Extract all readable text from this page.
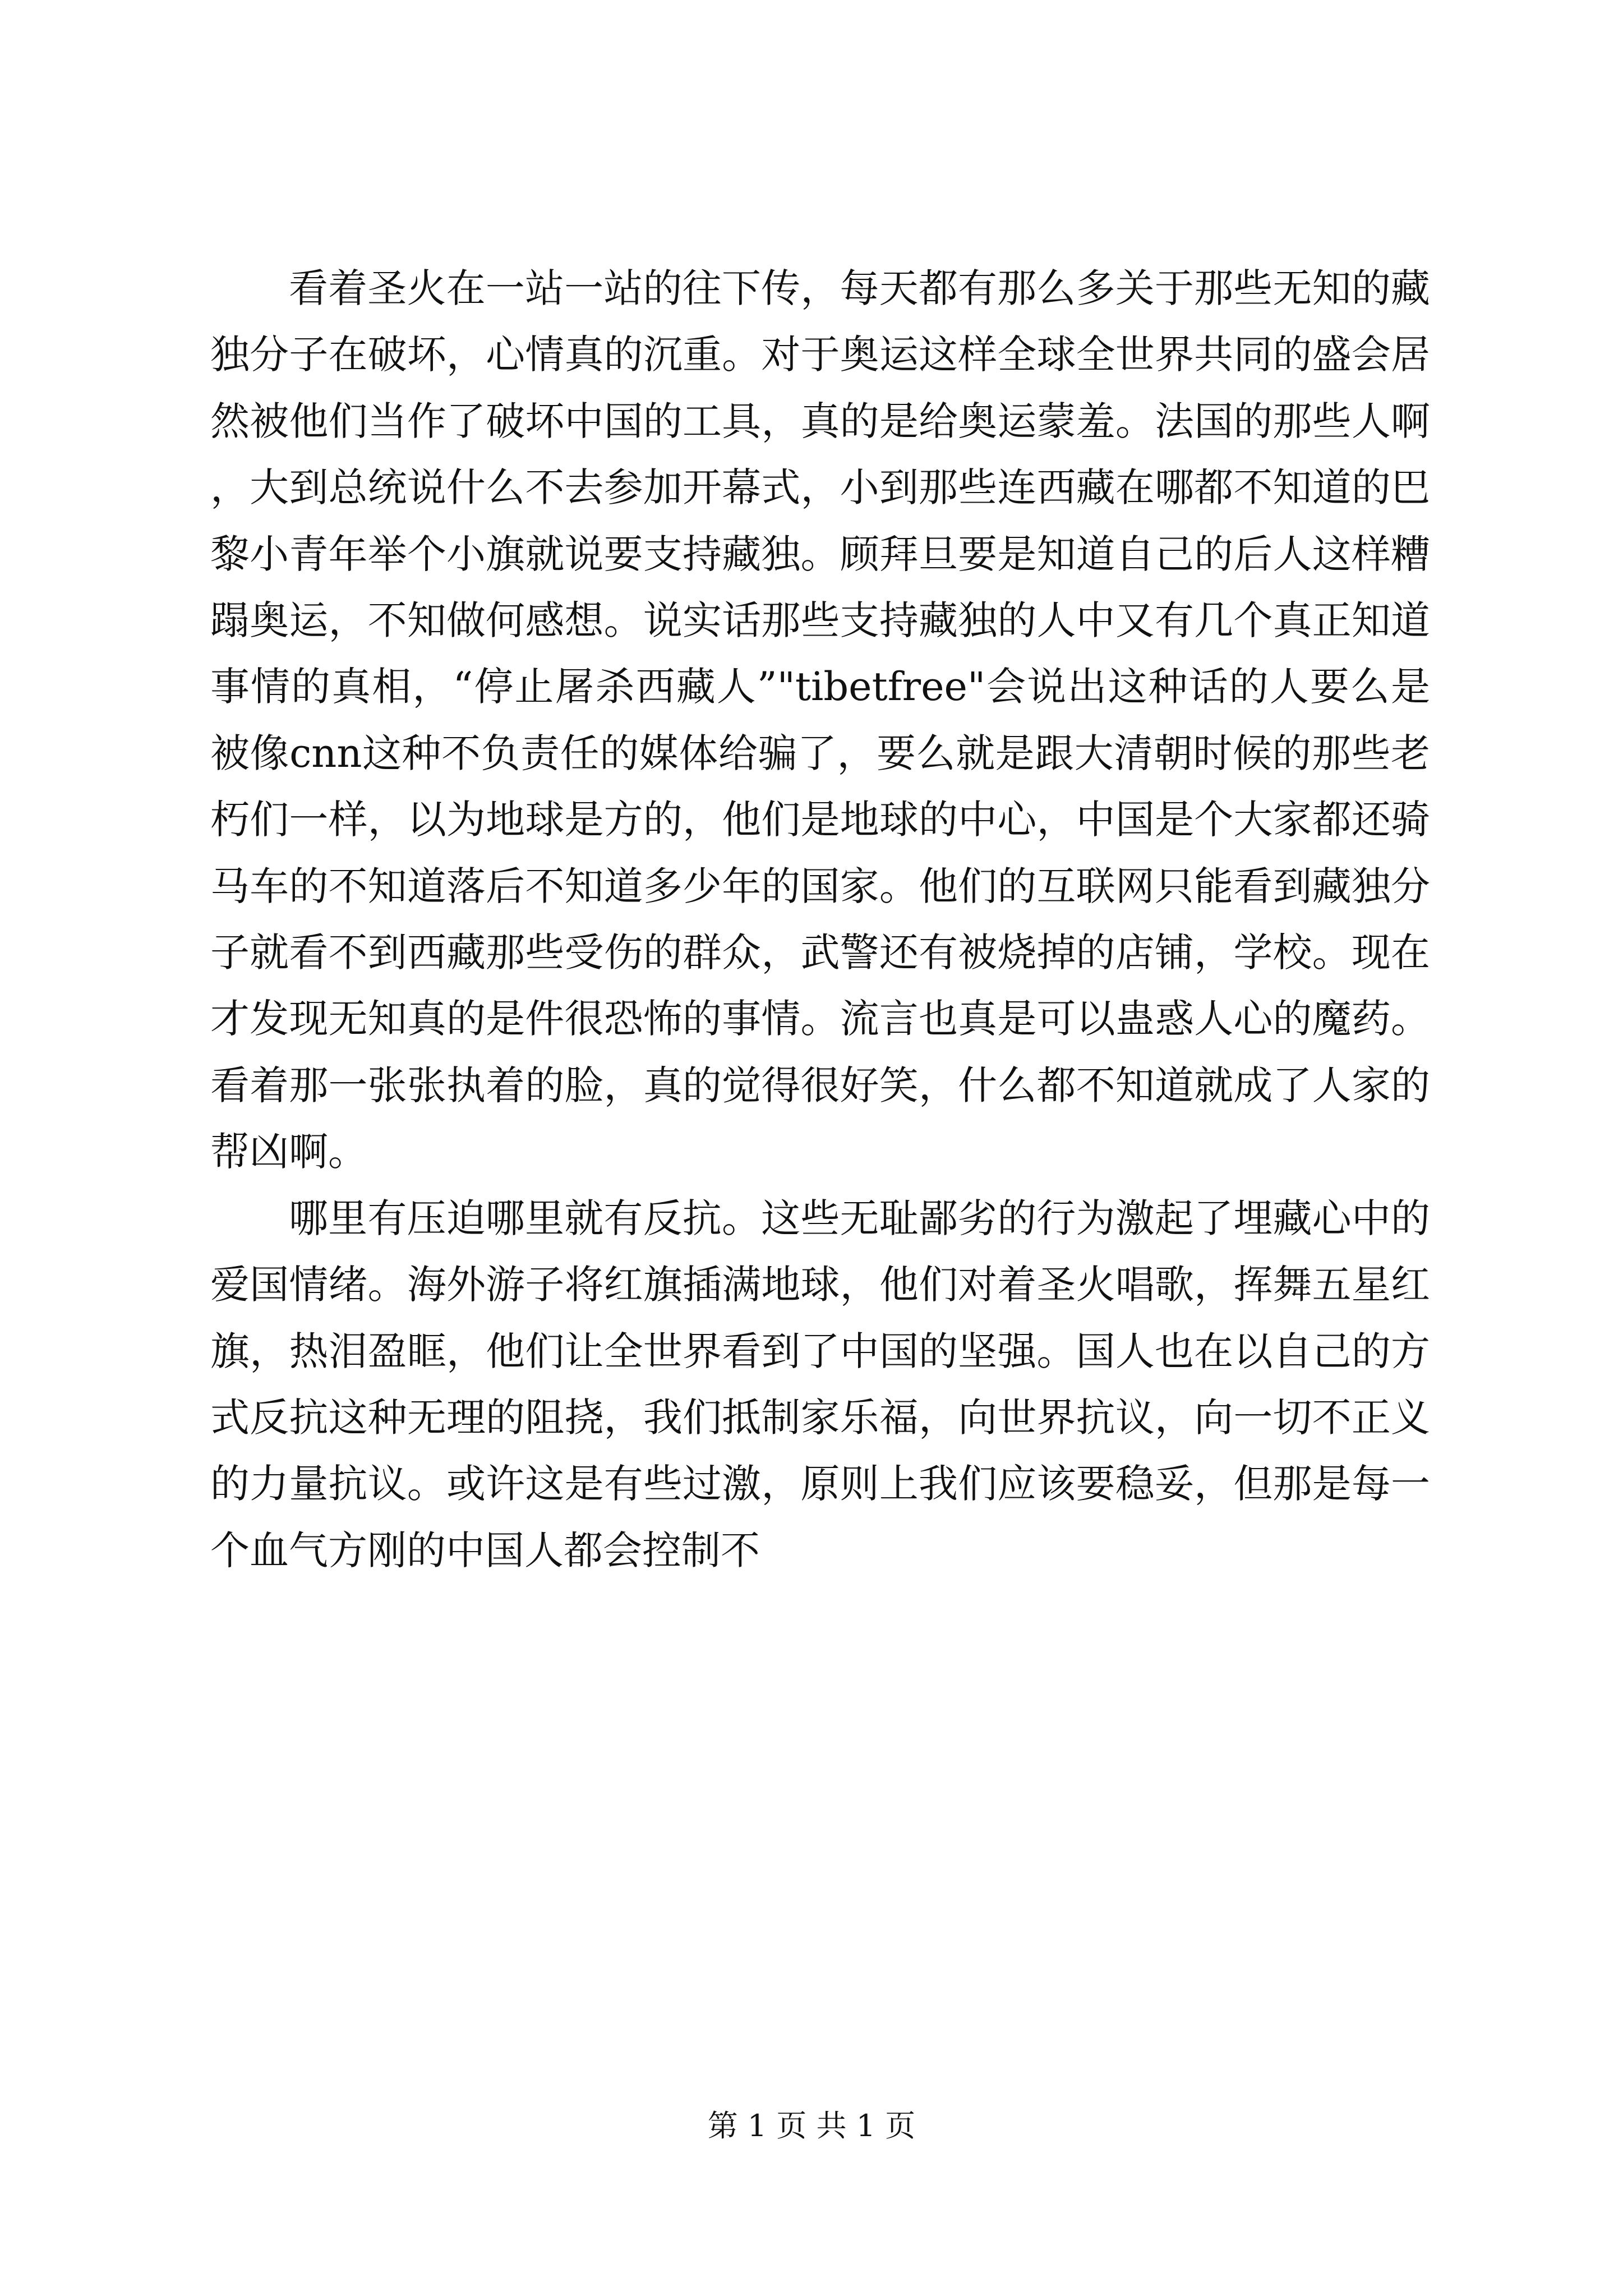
看着圣火在一站一站的往下传，每天都有那么多关于那些无知的藏独分子在破坏，心情真的沉重。对于奥运这样全球全世界共同的盛会居然被他们当作了破坏中国的工具，真的是给奥运蒙羞。法国的那些人啊，大到总统说什么不去参加开幕式，小到那些连西藏在哪都不知道的巴黎小青年举个小旗就说要支持藏独。顾拜旦要是知道自己的后人这样糟蹋奥运，不知做何感想。说实话那些支持藏独的人中又有几个真正知道事情的真相，“停止屠杀西藏人”"tibetfree"会说出这种话的人要么是被像cnn这种不负责任的媒体给骗了，要么就是跟大清朝时候的那些老朽们一样，以为地球是方的，他们是地球的中心，中国是个大家都还骑马车的不知道落后不知道多少年的国家。他们的互联网只能看到藏独分子就看不到西藏那些受伤的群众，武警还有被烧掉的店铺，学校。现在才发现无知真的是件很恐怖的事情。流言也真是可以蛊惑人心的魔药。看着那一张张执着的脸，真的觉得很好笑，什么都不知道就成了人家的帮凶啊。

哪里有压迫哪里就有反抗。这些无耻鄙劣的行为激起了埋藏心中的爱国情绪。海外游子将红旗插满地球，他们对着圣火唱歌，挥舞五星红旗，热泪盈眶，他们让全世界看到了中国的坚强。国人也在以自己的方式反抗这种无理的阻挠，我们抵制家乐福，向世界抗议，向一切不正义的力量抗议。或许这是有些过激，原则上我们应该要稳妥，但那是每一个血气方刚的中国人都会控制不

第 1 页 共 1 页
